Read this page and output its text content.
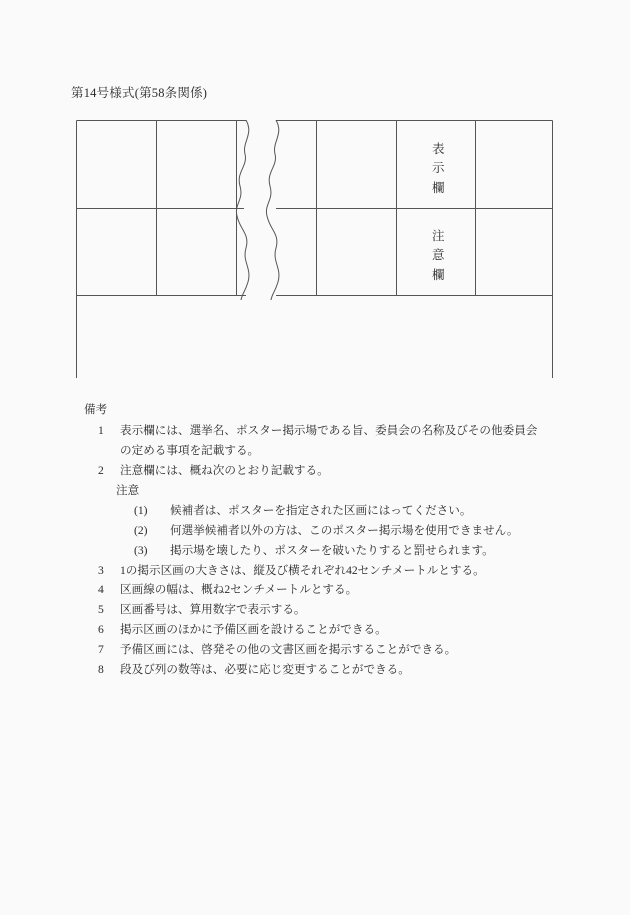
第14号様式(第58条関係)
表
示
欄
注
意
欄
備考
1	表示欄には、選挙名、ポスター掲示場である旨、委員会の名称及びその他委員会
の定める事項を記載する。
2	注意欄には、概ね次のとおり記載する。
注意
(1)	候補者は、ポスターを指定された区画にはってください。
(2)	何選挙候補者以外の方は、このポスター掲示場を使用できません。
(3)	掲示場を壊したり、ポスターを破いたりすると罰せられます。
3	1の掲示区画の大きさは、縦及び横それぞれ42センチメートルとする。
4	区画線の幅は、概ね2センチメートルとする。
5	区画番号は、算用数字で表示する。
6	掲示区画のほかに予備区画を設けることができる。
7	予備区画には、啓発その他の文書区画を掲示することができる。
8	段及び列の数等は、必要に応じ変更することができる。
